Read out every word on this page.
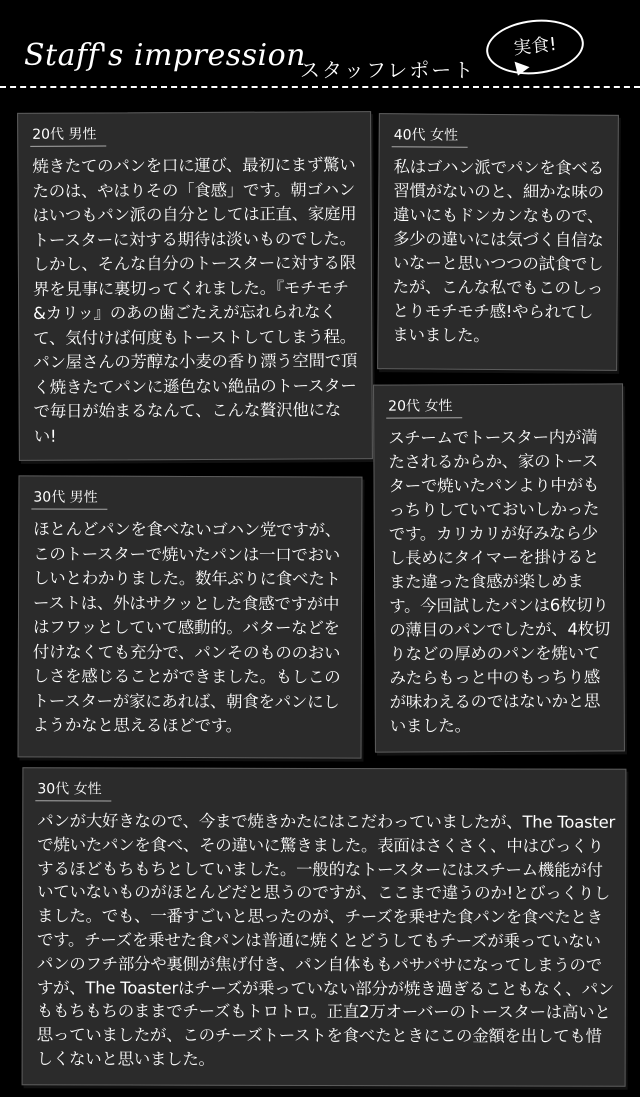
Staff's impression
スタッフレポート
実食!
20代 男性
焼きたてのパンを口に運び、最初にまず驚いたのは、やはりその「食感」です。朝ゴハンはいつもパン派の自分としては正直、家庭用トースターに対する期待は淡いものでした。しかし、そんな自分のトースターに対する限界を見事に裏切ってくれました。『モチモチ&カリッ』のあの歯ごたえが忘れられなくて、気付けば何度もトーストしてしまう程。パン屋さんの芳醇な小麦の香り漂う空間で頂く焼きたてパンに遜色ない絶品のトースターで毎日が始まるなんて、こんな贅沢他にない!
40代 女性
私はゴハン派でパンを食べる習慣がないのと、細かな味の違いにもドンカンなもので、多少の違いには気づく自信ないなーと思いつつの試食でしたが、こんな私でもこのしっとりモチモチ感!やられてしまいました。
30代 男性
ほとんどパンを食べないゴハン党ですが、このトースターで焼いたパンは一口でおいしいとわかりました。数年ぶりに食べたトーストは、外はサクッとした食感ですが中はフワッとしていて感動的。バターなどを付けなくても充分で、パンそのもののおいしさを感じることができました。もしこのトースターが家にあれば、朝食をパンにしようかなと思えるほどです。
20代 女性
スチームでトースター内が満たされるからか、家のトースターで焼いたパンより中がもっちりしていておいしかったです。カリカリが好みなら少し長めにタイマーを掛けるとまた違った食感が楽しめます。今回試したパンは6枚切りの薄目のパンでしたが、4枚切りなどの厚めのパンを焼いてみたらもっと中のもっちり感が味わえるのではないかと思いました。
30代 女性
パンが大好きなので、今まで焼きかたにはこだわっていましたが、The Toasterで焼いたパンを食べ、その違いに驚きました。表面はさくさく、中はびっくりするほどもちもちとしていました。一般的なトースターにはスチーム機能が付いていないものがほとんどだと思うのですが、ここまで違うのか!とびっくりしました。でも、一番すごいと思ったのが、チーズを乗せた食パンを食べたときです。チーズを乗せた食パンは普通に焼くとどうしてもチーズが乗っていないパンのフチ部分や裏側が焦げ付き、パン自体ももパサパサになってしまうのですが、The Toasterはチーズが乗っていない部分が焼き過ぎることもなく、パンももちもちのままでチーズもトロトロ。正直2万オーバーのトースターは高いと思っていましたが、このチーズトーストを食べたときにこの金額を出しても惜しくないと思いました。
